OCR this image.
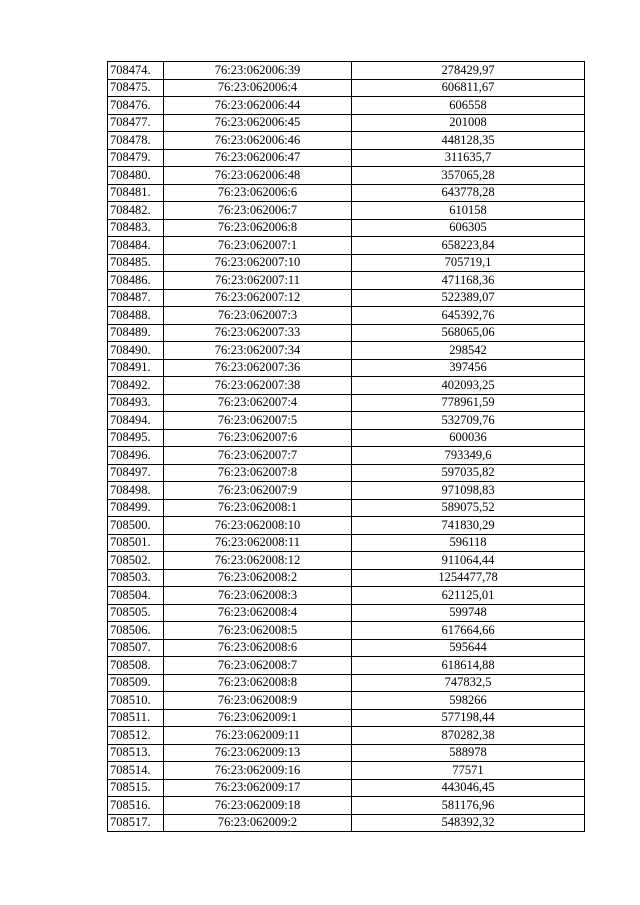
708474.	76:23:062006:39	278429,97
708475.	76:23:062006:4	606811,67
708476.	76:23:062006:44	606558
708477.	76:23:062006:45	201008
708478.	76:23:062006:46	448128,35
708479.	76:23:062006:47	311635,7
708480.	76:23:062006:48	357065,28
708481.	76:23:062006:6	643778,28
708482.	76:23:062006:7	610158
708483.	76:23:062006:8	606305
708484.	76:23:062007:1	658223,84
708485.	76:23:062007:10	705719,1
708486.	76:23:062007:11	471168,36
708487.	76:23:062007:12	522389,07
708488.	76:23:062007:3	645392,76
708489.	76:23:062007:33	568065,06
708490.	76:23:062007:34	298542
708491.	76:23:062007:36	397456
708492.	76:23:062007:38	402093,25
708493.	76:23:062007:4	778961,59
708494.	76:23:062007:5	532709,76
708495.	76:23:062007:6	600036
708496.	76:23:062007:7	793349,6
708497.	76:23:062007:8	597035,82
708498.	76:23:062007:9	971098,83
708499.	76:23:062008:1	589075,52
708500.	76:23:062008:10	741830,29
708501.	76:23:062008:11	596118
708502.	76:23:062008:12	911064,44
708503.	76:23:062008:2	1254477,78
708504.	76:23:062008:3	621125,01
708505.	76:23:062008:4	599748
708506.	76:23:062008:5	617664,66
708507.	76:23:062008:6	595644
708508.	76:23:062008:7	618614,88
708509.	76:23:062008:8	747832,5
708510.	76:23:062008:9	598266
708511.	76:23:062009:1	577198,44
708512.	76:23:062009:11	870282,38
708513.	76:23:062009:13	588978
708514.	76:23:062009:16	77571
708515.	76:23:062009:17	443046,45
708516.	76:23:062009:18	581176,96
708517.	76:23:062009:2	548392,32
